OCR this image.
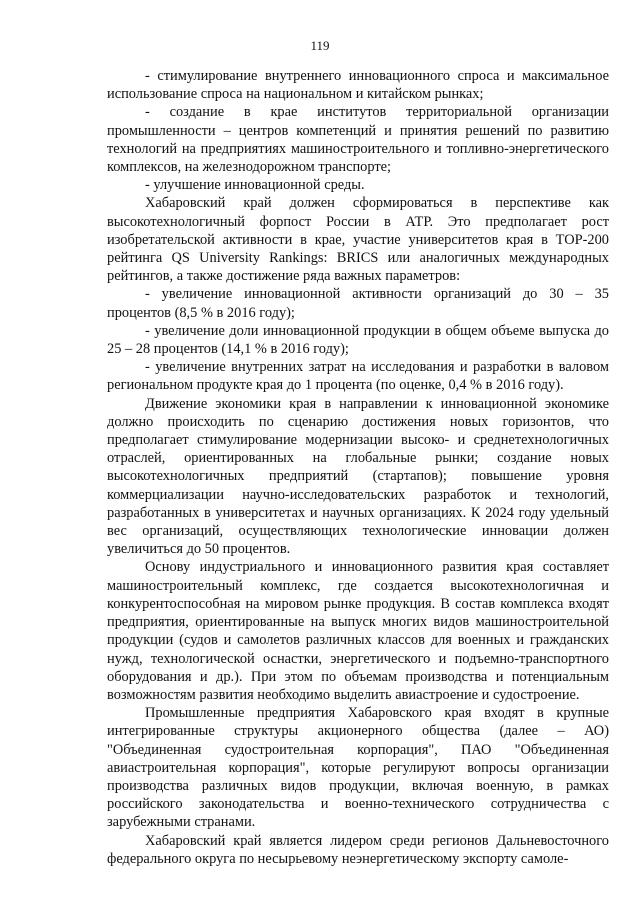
119

- стимулирование внутреннего инновационного спроса и максимальное использование спроса на национальном и китайском рынках;

- создание в крае институтов территориальной организации промышленности – центров компетенций и принятия решений по развитию технологий на предприятиях машиностроительного и топливно-энергетического комплексов, на железнодорожном транспорте;

- улучшение инновационной среды.

Хабаровский край должен сформироваться в перспективе как высокотехнологичный форпост России в АТР. Это предполагает рост изобретательской активности в крае, участие университетов края в TOP-200 рейтинга QS University Rankings: BRICS или аналогичных международных рейтингов, а также достижение ряда важных параметров:

- увеличение инновационной активности организаций до 30 – 35 процентов (8,5 % в 2016 году);

- увеличение доли инновационной продукции в общем объеме выпуска до 25 – 28 процентов (14,1 % в 2016 году);

- увеличение внутренних затрат на исследования и разработки в валовом региональном продукте края до 1 процента (по оценке, 0,4 % в 2016 году).

Движение экономики края в направлении к инновационной экономике должно происходить по сценарию достижения новых горизонтов, что предполагает стимулирование модернизации высоко- и среднетехнологичных отраслей, ориентированных на глобальные рынки; создание новых высокотехнологичных предприятий (стартапов); повышение уровня коммерциализации научно-исследовательских разработок и технологий, разработанных в университетах и научных организациях. К 2024 году удельный вес организаций, осуществляющих технологические инновации должен увеличиться до 50 процентов.

Основу индустриального и инновационного развития края составляет машиностроительный комплекс, где создается высокотехнологичная и конкурентоспособная на мировом рынке продукция. В состав комплекса входят предприятия, ориентированные на выпуск многих видов машиностроительной продукции (судов и самолетов различных классов для военных и гражданских нужд, технологической оснастки, энергетического и подъемно-транспортного оборудования и др.). При этом по объемам производства и потенциальным возможностям развития необходимо выделить авиастроение и судостроение.

Промышленные предприятия Хабаровского края входят в крупные интегрированные структуры акционерного общества (далее – АО) "Объединенная судостроительная корпорация", ПАО "Объединенная авиастроительная корпорация", которые регулируют вопросы организации производства различных видов продукции, включая военную, в рамках российского законодательства и военно-технического сотрудничества с зарубежными странами.

Хабаровский край является лидером среди регионов Дальневосточного федерального округа по несырьевому неэнергетическому экспорту самоле-
